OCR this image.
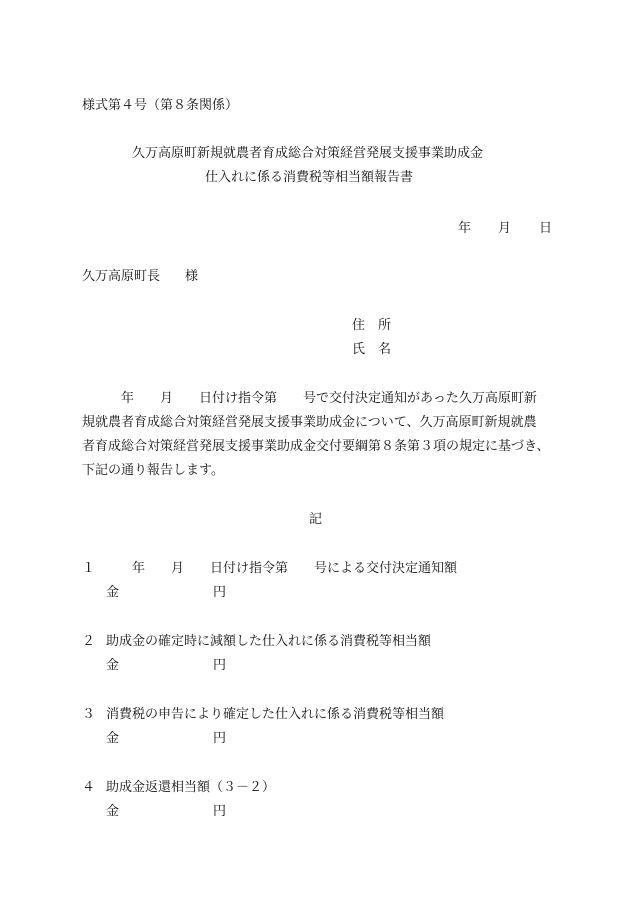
様式第４号（第８条関係）
久万高原町新規就農者育成総合対策経営発展支援事業助成金
仕入れに係る消費税等相当額報告書
年 月 日
久万高原町長 様
住　所
氏　名
　　　年　　月　　日付け指令第　　号で交付決定通知があった久万高原町新
規就農者育成総合対策経営発展支援事業助成金について、久万高原町新規就農
者育成総合対策経営発展支援事業助成金交付要綱第８条第３項の規定に基づき、
下記の通り報告します。
記
１ 　　年　　月　　日付け指令第　　号による交付決定通知額
金	円
２ 助成金の確定時に減額した仕入れに係る消費税等相当額
金	円
３ 消費税の申告により確定した仕入れに係る消費税等相当額
金	円
４ 助成金返還相当額（３－２）
金	円
